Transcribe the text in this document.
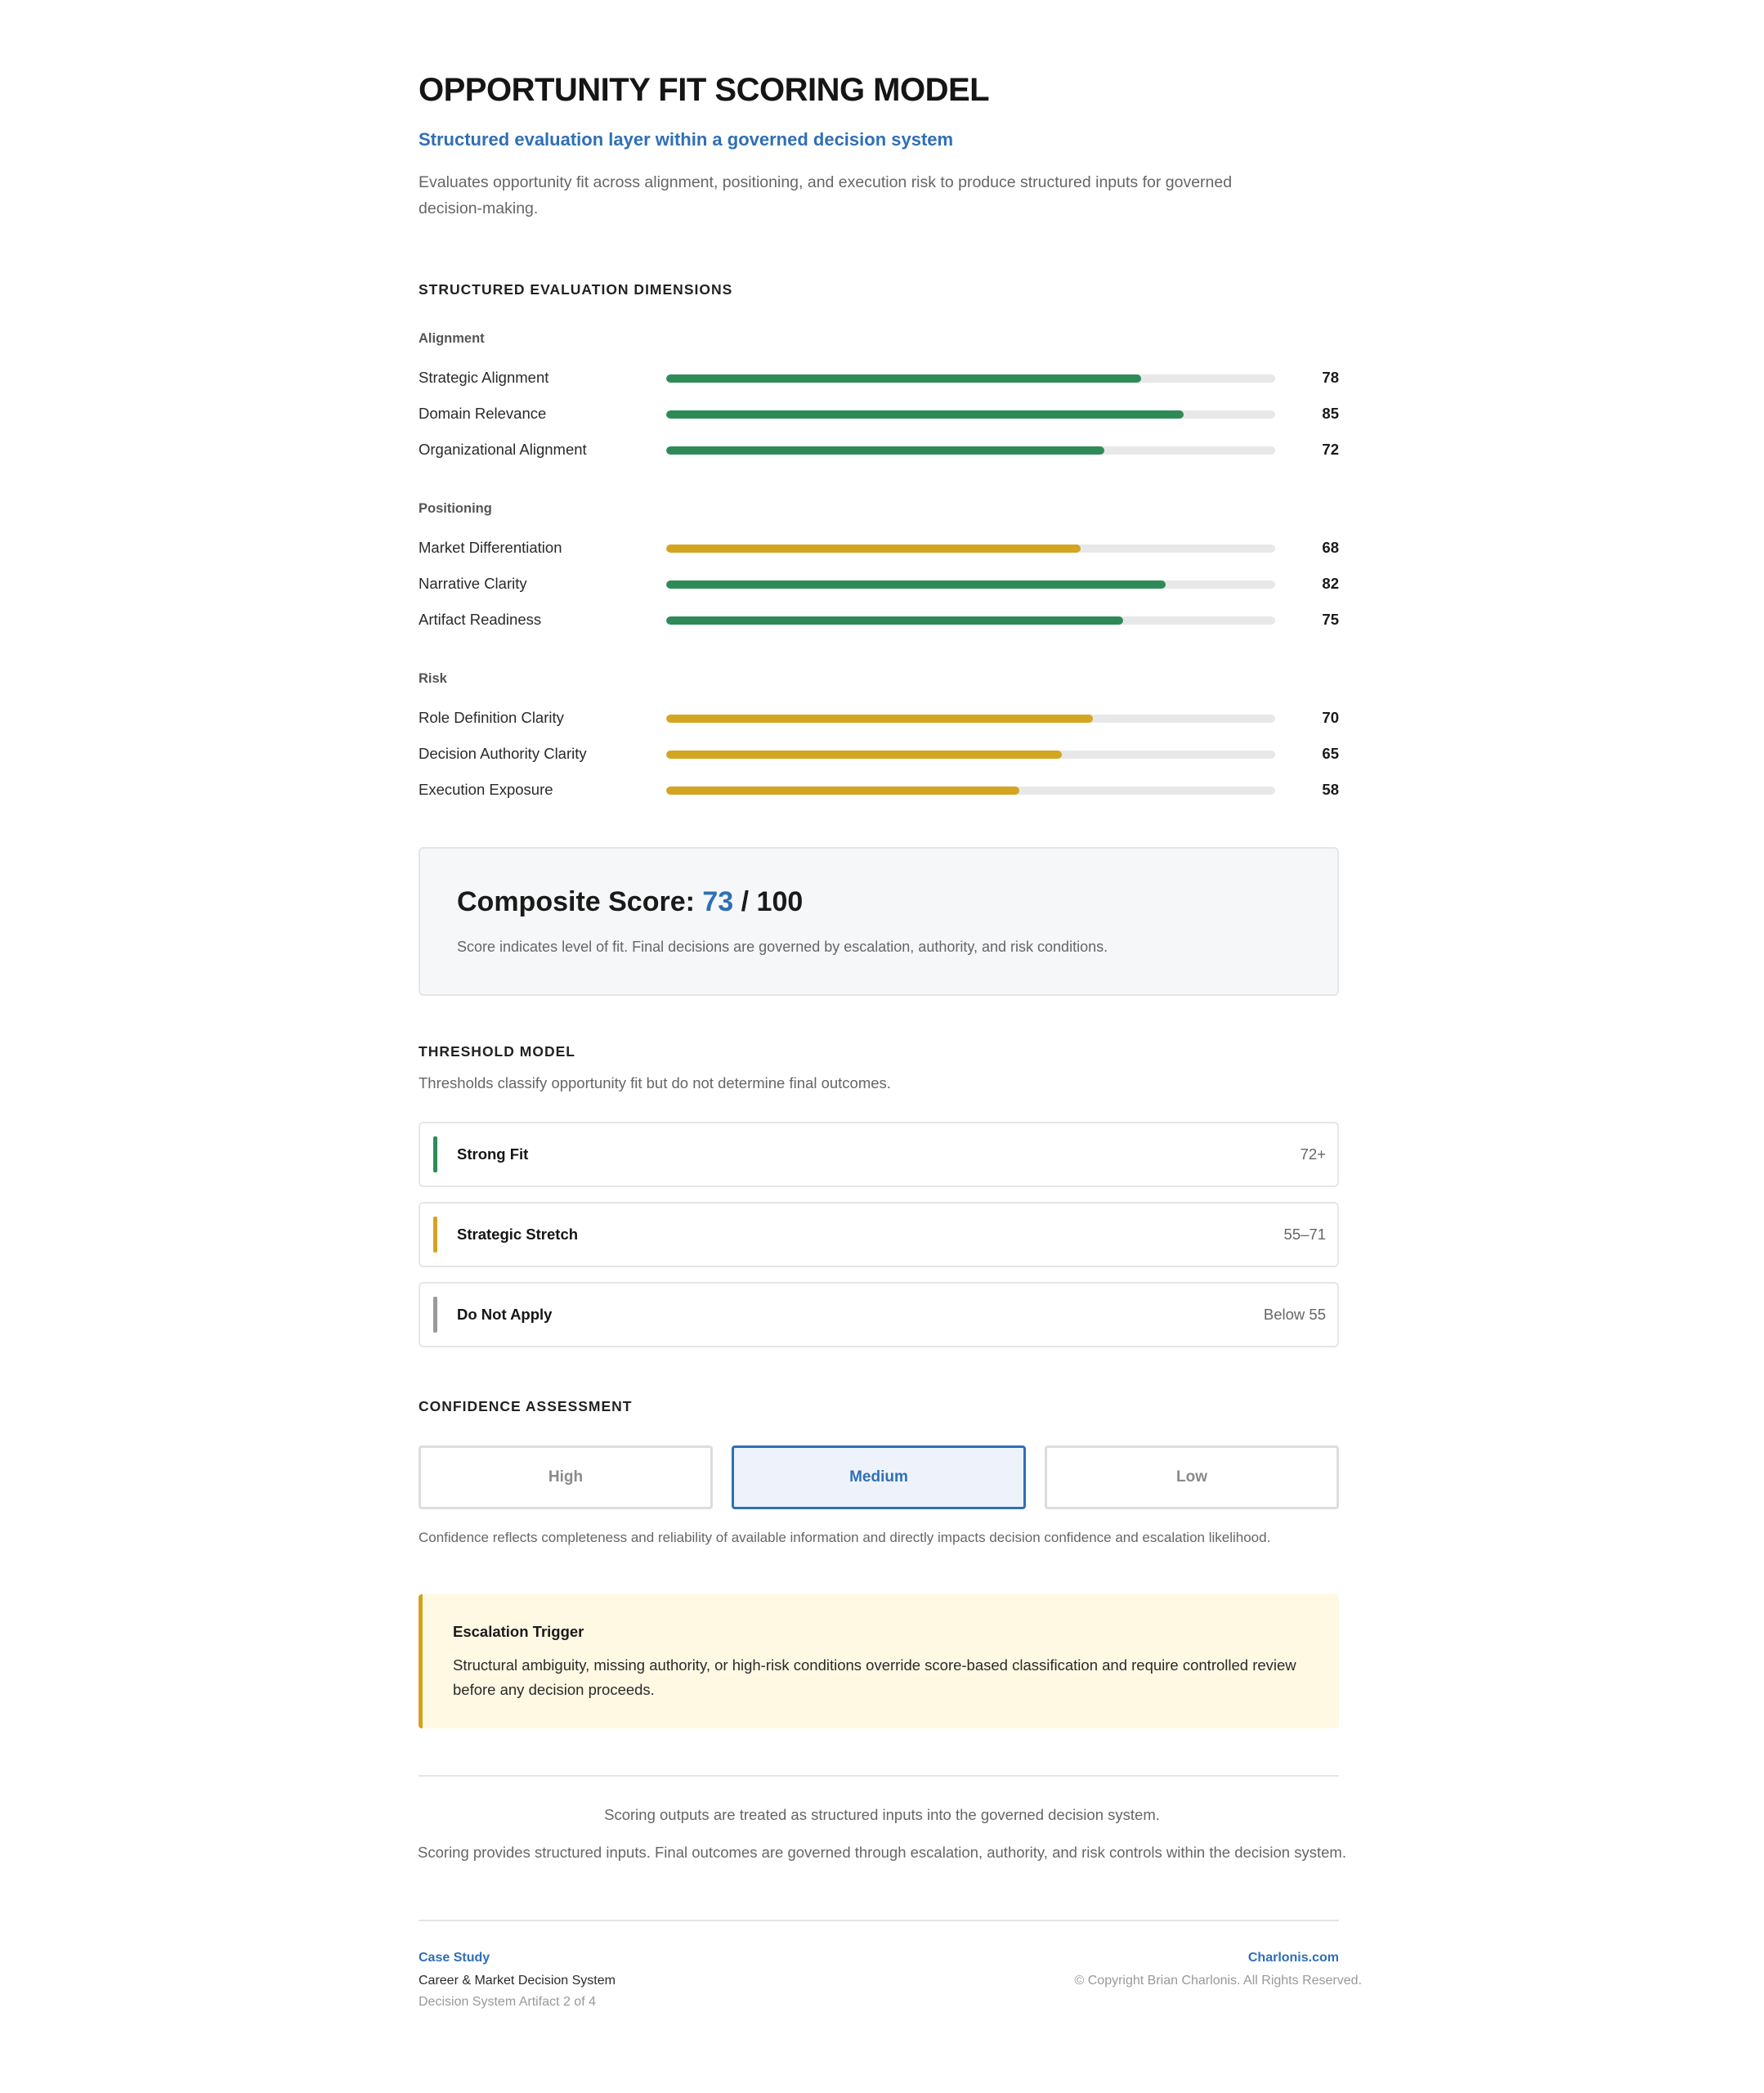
OPPORTUNITY FIT SCORING MODEL
Structured evaluation layer within a governed decision system

Evaluates opportunity fit across alignment, positioning, and execution risk to produce structured inputs for governed decision-making.

STRUCTURED EVALUATION DIMENSIONS
Alignment
Strategic Alignment	78
Domain Relevance	85
Organizational Alignment	72
Positioning
Market Differentiation	68
Narrative Clarity	82
Artifact Readiness	75
Risk
Role Definition Clarity	70
Decision Authority Clarity	65
Execution Exposure	58
Composite Score: 73 / 100
Score indicates level of fit. Final decisions are governed by escalation, authority, and risk conditions.
THRESHOLD MODEL
Thresholds classify opportunity fit but do not determine final outcomes.
Strong Fit	72+
Strategic Stretch	55–71
Do Not Apply	Below 55
CONFIDENCE ASSESSMENT
High	Medium	Low
Confidence reflects completeness and reliability of available information and directly impacts decision confidence and escalation likelihood.
Escalation Trigger
Structural ambiguity, missing authority, or high-risk conditions override score-based classification and require controlled review before any decision proceeds.
Case Study
Career & Market Decision System
Decision System Artifact 2 of 4
Charlonis.com
Scoring outputs are treated as structured inputs into the governed decision system.
Scoring provides structured inputs. Final outcomes are governed through escalation, authority, and risk controls within the decision system.
© Copyright Brian Charlonis. All Rights Reserved.
